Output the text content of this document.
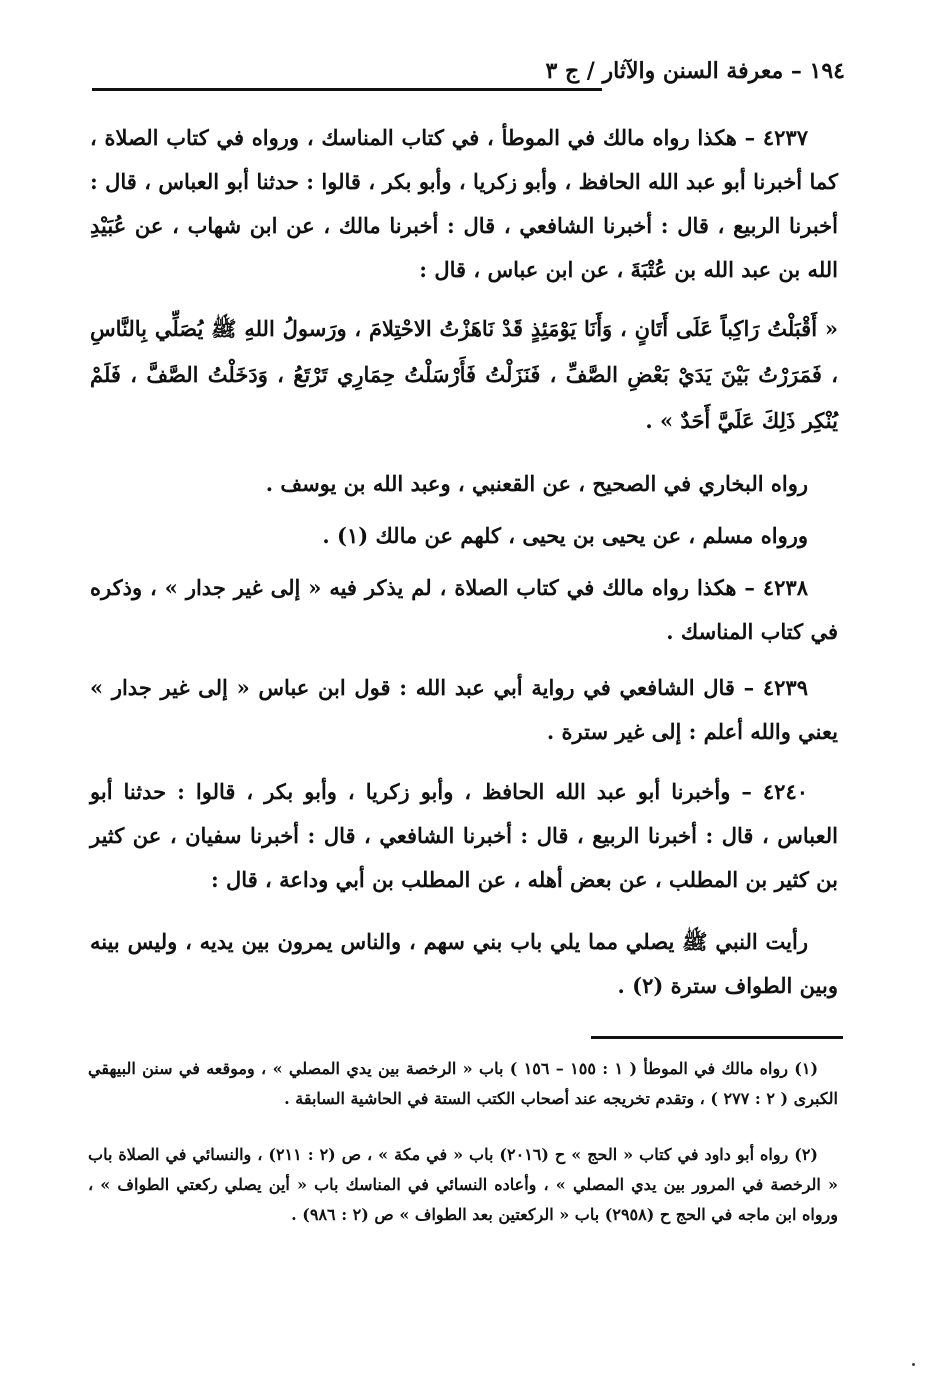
١٩٤ – معرفة السنن والآثار / ج ٣
٤٢٣٧ – هكذا رواه مالك في الموطأ ، في كتاب المناسك ، ورواه في كتاب الصلاة ، كما أخبرنا أبو عبد الله الحافظ ، وأبو زكريا ، وأبو بكر ، قالوا : حدثنا أبو العباس ، قال : أخبرنا الربيع ، قال : أخبرنا الشافعي ، قال : أخبرنا مالك ، عن ابن شهاب ، عن عُبَيْدِ الله بن عبد الله بن عُتْبَةَ ، عن ابن عباس ، قال :
« أَقْبَلْتُ رَاكِباً عَلَى أَتَانٍ ، وَأَنَا يَوْمَئِذٍ قَدْ نَاهَزْتُ الاحْتِلامَ ، ورَسولُ اللهِ ﷺ يُصَلِّي بِالنَّاسِ ، فَمَرَرْتُ بَيْنَ يَدَيْ بَعْضِ الصَّفِّ ، فَنَزَلْتُ فَأَرْسَلْتُ حِمَارِي تَرْتَعُ ، وَدَخَلْتُ الصَّفَّ ، فَلَمْ يُنْكِر ذَلِكَ عَلَيَّ أَحَدٌ » .
رواه البخاري في الصحيح ، عن القعنبي ، وعبد الله بن يوسف .
ورواه مسلم ، عن يحيى بن يحيى ، كلهم عن مالك (١) .
٤٢٣٨ – هكذا رواه مالك في كتاب الصلاة ، لم يذكر فيه « إلى غير جدار » ، وذكره في كتاب المناسك .
٤٢٣٩ – قال الشافعي في رواية أبي عبد الله : قول ابن عباس « إلى غير جدار » يعني والله أعلم : إلى غير سترة .
٤٢٤٠ – وأخبرنا أبو عبد الله الحافظ ، وأبو زكريا ، وأبو بكر ، قالوا : حدثنا أبو العباس ، قال : أخبرنا الربيع ، قال : أخبرنا الشافعي ، قال : أخبرنا سفيان ، عن كثير بن كثير بن المطلب ، عن بعض أهله ، عن المطلب بن أبي وداعة ، قال :
رأيت النبي ﷺ يصلي مما يلي باب بني سهم ، والناس يمرون بين يديه ، وليس بينه وبين الطواف سترة (٢) .
(١) رواه مالك في الموطأ ( ١ : ١٥٥ – ١٥٦ ) باب « الرخصة بين يدي المصلي » ، وموقعه في سنن البيهقي الكبرى ( ٢ : ٢٧٧ ) ، وتقدم تخريجه عند أصحاب الكتب الستة في الحاشية السابقة .
(٢) رواه أبو داود في كتاب « الحج » ح (٢٠١٦) باب « في مكة » ، ص (٢ : ٢١١) ، والنسائي في الصلاة باب « الرخصة في المرور بين يدي المصلي » ، وأعاده النسائي في المناسك باب « أين يصلي ركعتي الطواف » ، ورواه ابن ماجه في الحج ح (٢٩٥٨) باب « الركعتين بعد الطواف » ص (٢ : ٩٨٦) .
